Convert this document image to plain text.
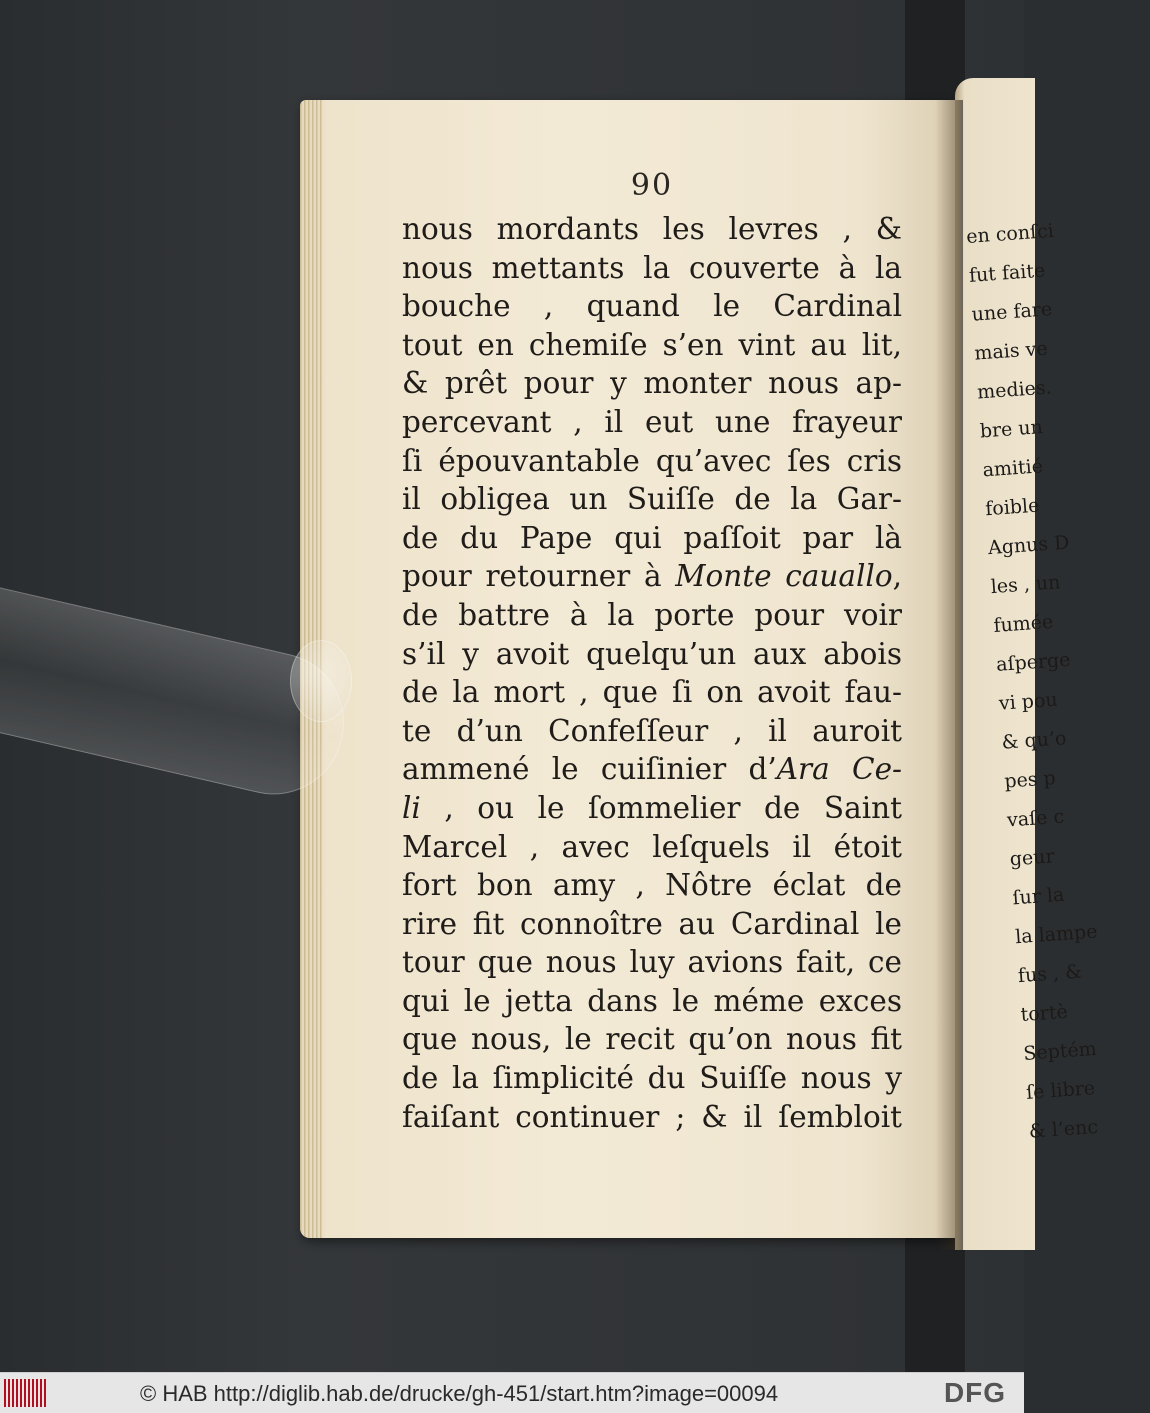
en conſci
fut faite
une fare
mais ve
medies.
bre un
amitié
foible
Agnus D
les , un
fumée
aſperge
vi pou
& qu’o
pes p
vaſe c
geur
ſur la
la lampe
fus , &
tortè
Septém
ſe libre
& l’enc
90
nous mordants les levres , &
nous mettants la couverte à la
bouche , quand le Cardinal
tout en chemiſe s’en vint au lit,
& prêt pour y monter nous ap-
percevant , il eut une frayeur
ſi épouvantable qu’avec ſes cris
il obligea un Suiſſe de la Gar-
de du Pape qui paſſoit par là
pour retourner à Monte cauallo,
de battre à la porte pour voir
s’il y avoit quelqu’un aux abois
de la mort , que ſi on avoit fau-
te d’un Confeſſeur , il auroit
ammené le cuiſinier d’Ara Ce-
li , ou le ſommelier de Saint
Marcel , avec leſquels il étoit
fort bon amy , Nôtre éclat de
rire fit connoître au Cardinal le
tour que nous luy avions fait, ce
qui le jetta dans le méme exces
que nous, le recit qu’on nous fit
de la ſimplicité du Suiſſe nous y
faiſant continuer ; & il ſembloit
© HAB http://diglib.hab.de/drucke/gh-451/start.htm?image=00094	DFG
